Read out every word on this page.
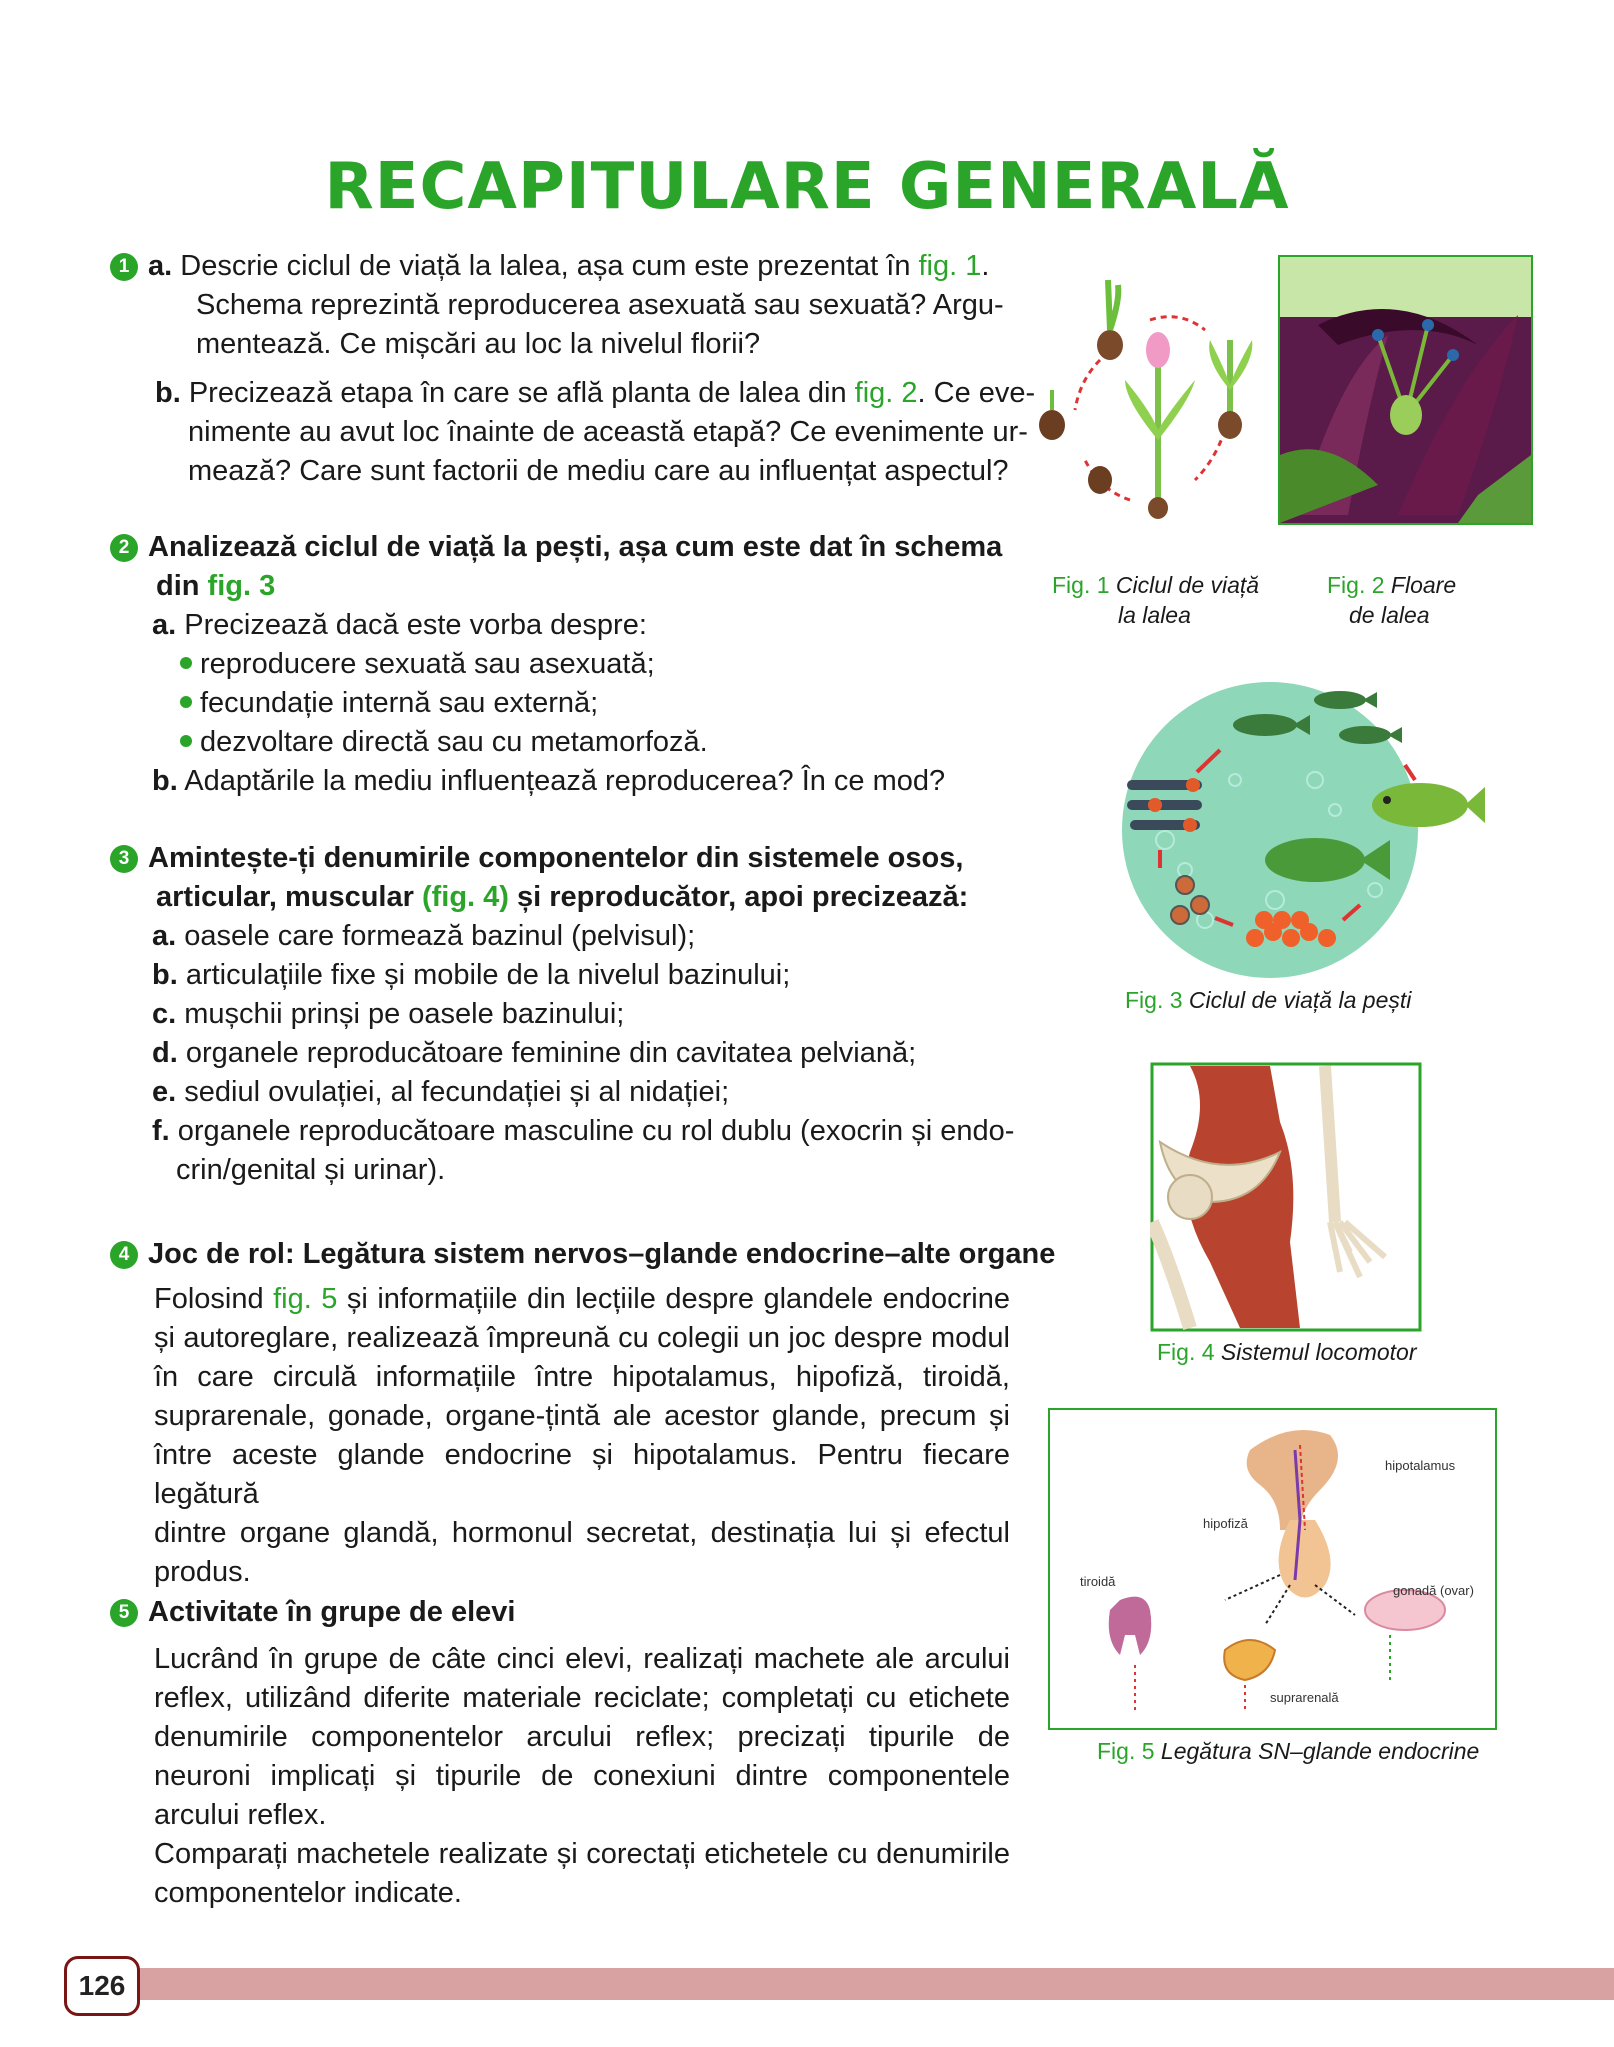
RECAPITULARE GENERALĂ
1 a. Descrie ciclul de viață la lalea, așa cum este prezentat în fig. 1.
Schema reprezintă reproducerea asexuată sau sexuată? Argu-
mentează. Ce mișcări au loc la nivelul florii?
b. Precizează etapa în care se află planta de lalea din fig. 2. Ce eve-
nimente au avut loc înainte de această etapă? Ce evenimente ur-
mează? Care sunt factorii de mediu care au influențat aspectul?
2 Analizează ciclul de viață la pești, așa cum este dat în schema
din fig. 3
a. Precizează dacă este vorba despre:
reproducere sexuată sau asexuată;
fecundație internă sau externă;
dezvoltare directă sau cu metamorfoză.
b. Adaptările la mediu influențează reproducerea? În ce mod?
3 Amintește-ți denumirile componentelor din sistemele osos,
articular, muscular (fig. 4) și reproducător, apoi precizează:
a. oasele care formează bazinul (pelvisul);
b. articulațiile fixe și mobile de la nivelul bazinului;
c. mușchii prinși pe oasele bazinului;
d. organele reproducătoare feminine din cavitatea pelviană;
e. sediul ovulației, al fecundației și al nidației;
f. organele reproducătoare masculine cu rol dublu (exocrin și endo-
crin/genital și urinar).
4 Joc de rol: Legătura sistem nervos–glande endocrine–alte organe
Folosind fig. 5 și informațiile din lecțiile despre glandele endocrine
și autoreglare, realizează împreună cu colegii un joc despre modul
în care circulă informațiile între hipotalamus, hipofiză, tiroidă,
suprarenale, gonade, organe-țintă ale acestor glande, precum și
între aceste glande endocrine și hipotalamus. Pentru fiecare legătură
dintre organe glandă, hormonul secretat, destinația lui și efectul
produs.
5 Activitate în grupe de elevi
Lucrând în grupe de câte cinci elevi, realizați machete ale arcului
reflex, utilizând diferite materiale reciclate; completați cu etichete
denumirile componentelor arcului reflex; precizați tipurile de
neuroni implicați și tipurile de conexiuni dintre componentele
arcului reflex.
Comparați machetele realizate și corectați etichetele cu denumirile
componentelor indicate.
Fig. 1 Ciclul de viață
la lalea
Fig. 2 Floare
de lalea
Fig. 3 Ciclul de viață la pești
Fig. 4 Sistemul locomotor
hipotalamus
hipofiză
tiroidă
gonadă (ovar)
suprarenală
Fig. 5 Legătura SN–glande endocrine
126
